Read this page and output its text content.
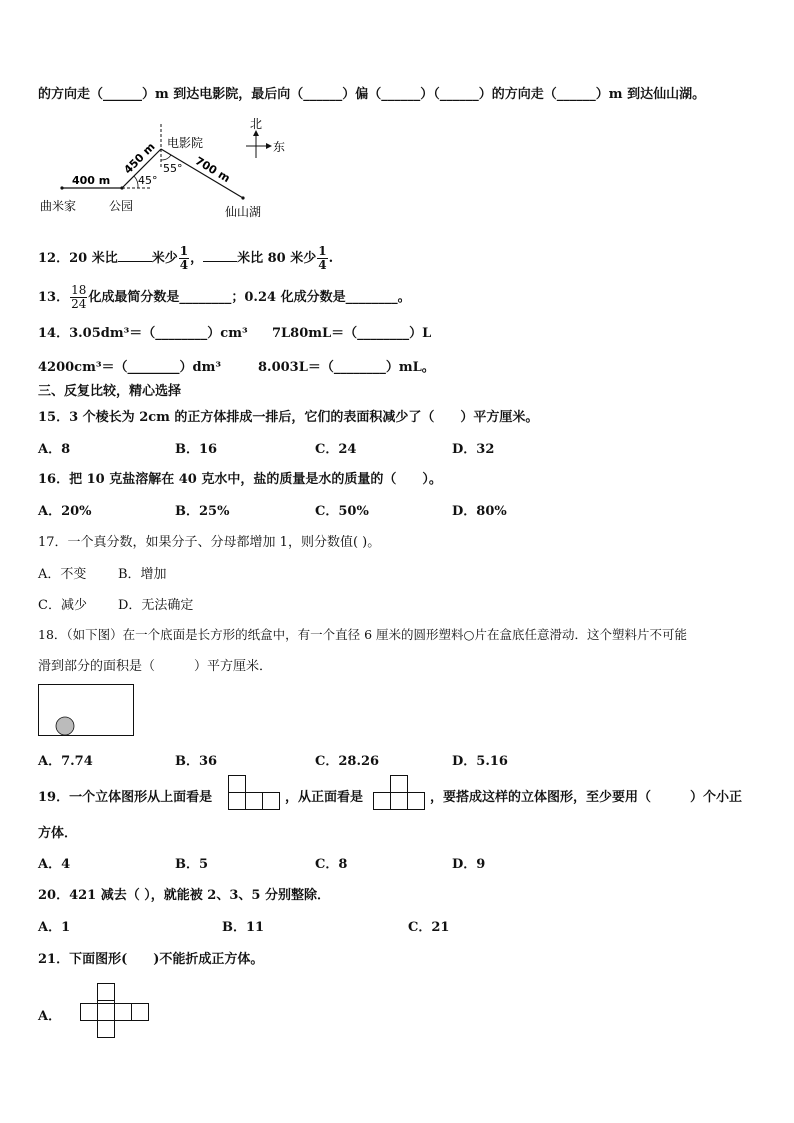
的方向走（______）m 到达电影院，最后向（______）偏（______）（______）的方向走（______）m 到达仙山湖。
400 m
450 m	700 m
45°
55°
电影院
曲米家	公园	仙山湖
北
东
12．20 米比	米少 $\frac{1}{4}$ ，	米比 80 米少 $\frac{1}{4}$ .
13． $\frac{18}{24}$ 化成最简分数是________；0.24 化成分数是________。
14．3.05dm³＝（________）cm³ 7L80mL＝（________）L
4200cm³＝（________）dm³	8.003L＝（________）mL。
三、反复比较，精心选择
15．3 个棱长为 2cm 的正方体排成一排后，它们的表面积减少了（　　）平方厘米。
A．8	B．16	C．24	D．32
16．把 10 克盐溶解在 40 克水中，盐的质量是水的质量的（　　）。
A．20%	B．25%	C．50%	D．80%
17．一个真分数，如果分子、分母都增加 1，则分数值( )。
A．不变 B．增加
C．减少 D．无法确定
18．（如下图）在一个底面是长方形的纸盒中，有一个直径 6 厘米的圆形塑料○片在盒底任意滑动．这个塑料片不可能
滑到部分的面积是（　　　）平方厘米．
A．7.74	B．36	C．28.26	D．5.16
19．一个立体图形从上面看是	，从正面看是	，要搭成这样的立体图形，至少要用（　　　）个小正
方体．
A．4	B．5	C．8	D．9
20．421 减去（ ），就能被 2、3、5 分别整除．
A．1	B．11	C．21
21．下面图形(　　)不能折成正方体。
A．
